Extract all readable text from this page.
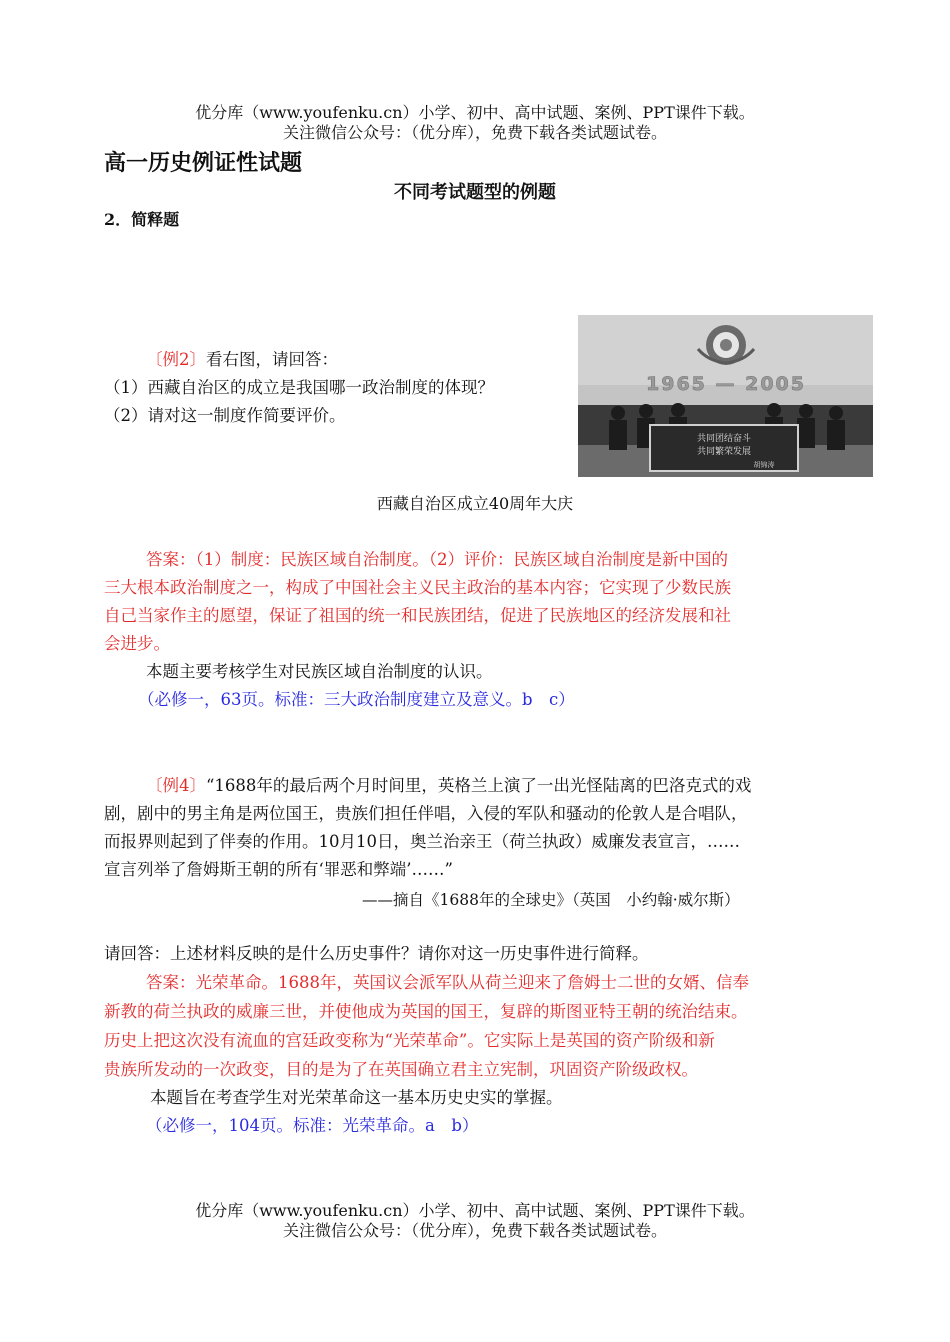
优分库（www.youfenku.cn）小学、初中、高中试题、案例、PPT课件下载。
关注微信公众号：（优分库），免费下载各类试题试卷。
高一历史例证性试题
不同考试题型的例题
2．简释题
〔例2〕看右图，请回答：
（1）西藏自治区的成立是我国哪一政治制度的体现？
（2）请对这一制度作简要评价。
1965 — 2005
共同团结奋斗
共同繁荣发展
胡锦涛
西藏自治区成立40周年大庆
答案：（1）制度：民族区域自治制度。（2）评价：民族区域自治制度是新中国的
三大根本政治制度之一，构成了中国社会主义民主政治的基本内容；它实现了少数民族
自己当家作主的愿望，保证了祖国的统一和民族团结，促进了民族地区的经济发展和社
会进步。
本题主要考核学生对民族区域自治制度的认识。
（必修一，63页。标准：三大政治制度建立及意义。b　c）
〔例4〕“1688年的最后两个月时间里，英格兰上演了一出光怪陆离的巴洛克式的戏
剧，剧中的男主角是两位国王，贵族们担任伴唱，入侵的军队和骚动的伦敦人是合唱队，
而报界则起到了伴奏的作用。10月10日，奥兰治亲王（荷兰执政）威廉发表宣言，……
宣言列举了詹姆斯王朝的所有‘罪恶和弊端’……”
——摘自《1688年的全球史》（英国　小约翰·威尔斯）
请回答：上述材料反映的是什么历史事件？请你对这一历史事件进行简释。
答案：光荣革命。1688年，英国议会派军队从荷兰迎来了詹姆士二世的女婿、信奉
新教的荷兰执政的威廉三世，并使他成为英国的国王，复辟的斯图亚特王朝的统治结束。
历史上把这次没有流血的宫廷政变称为“光荣革命”。它实际上是英国的资产阶级和新
贵族所发动的一次政变，目的是为了在英国确立君主立宪制，巩固资产阶级政权。
本题旨在考查学生对光荣革命这一基本历史史实的掌握。
（必修一，104页。标准：光荣革命。a　b）
优分库（www.youfenku.cn）小学、初中、高中试题、案例、PPT课件下载。
关注微信公众号：（优分库），免费下载各类试题试卷。
